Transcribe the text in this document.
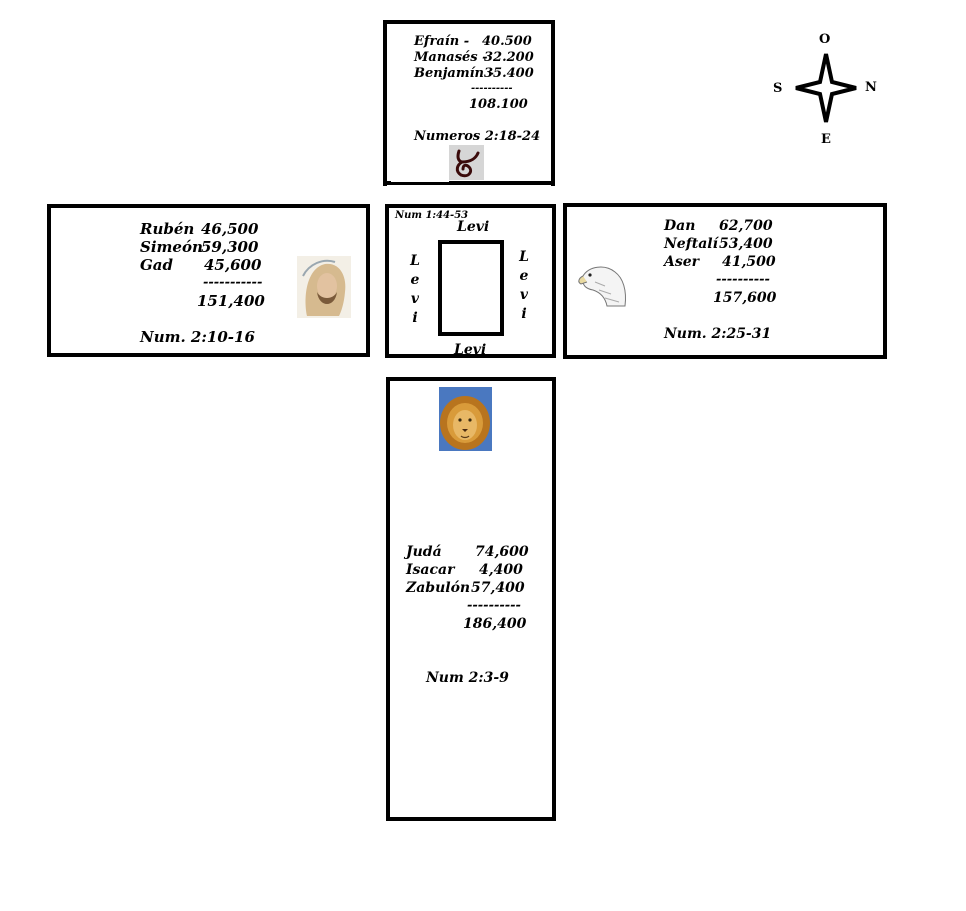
Efraín - 40.500
Manasés -
32.200
Benjamín -
35.400
----------
108.100
Numeros 2:18-24
O
E
S	N
Rubén 46,500
Simeón
59,300
Gad 45,600
-----------
151,400
Num. 2:10-16
Num 1:44-53
Levi
L
e
v
i
L
e
v
i
Levi
Dan 62,700
Neftalí 53,400
Aser 41,500
----------
157,600
Num. 2:25-31
Judá 74,600
Isacar 4,400
Zabulón 57,400
----------
186,400
Num 2:3-9
